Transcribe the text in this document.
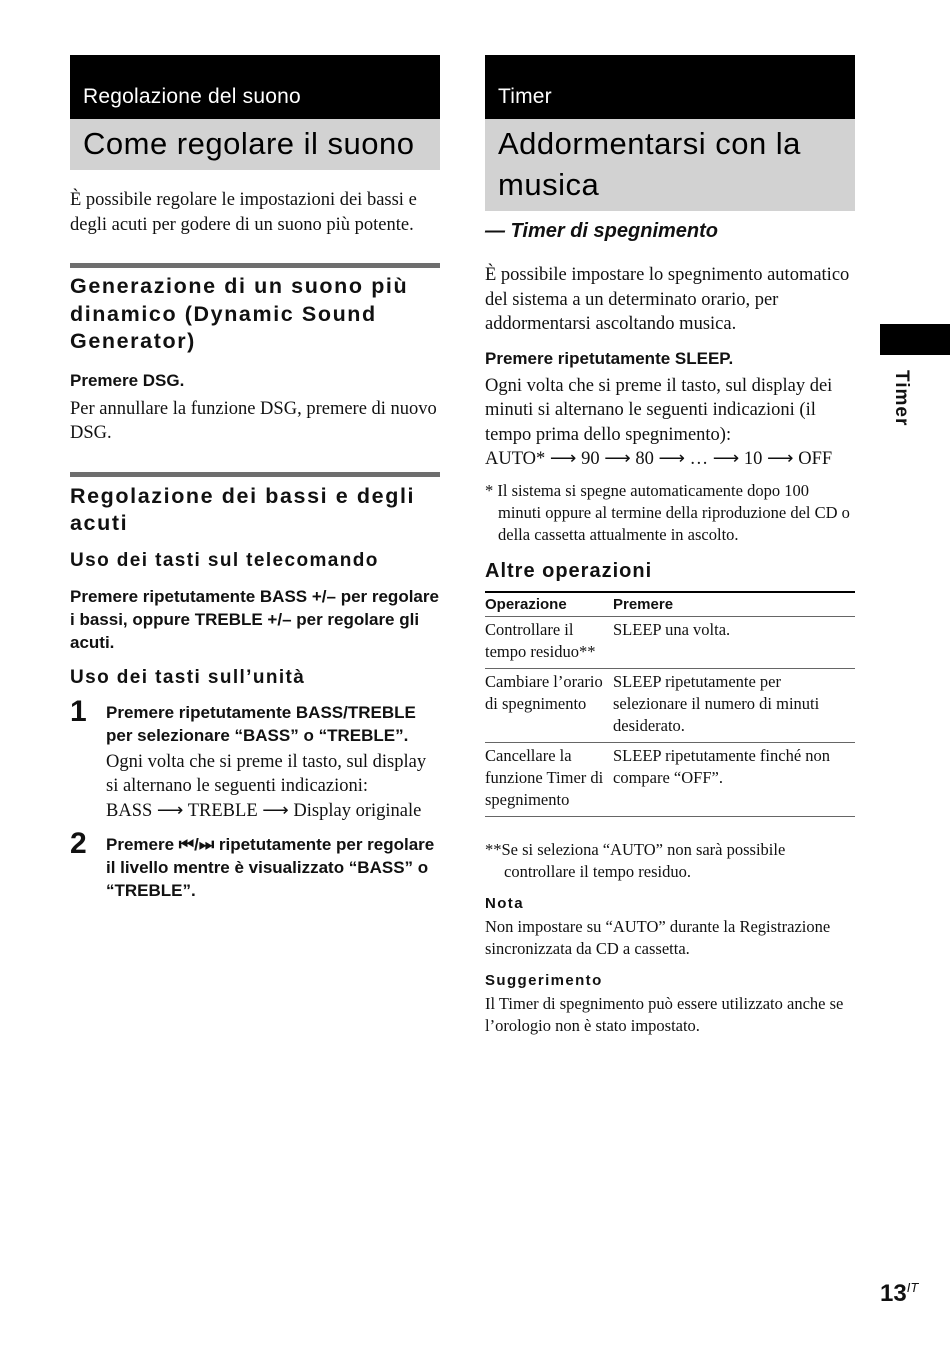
Regolazione del suono
Come regolare il suono

È possibile regolare le impostazioni dei bassi e degli acuti per godere di un suono più potente.

Generazione di un suono più dinamico (Dynamic Sound Generator)

Premere DSG.

Per annullare la funzione DSG, premere di nuovo DSG.

Regolazione dei bassi e degli acuti
Uso dei tasti sul telecomando

Premere ripetutamente BASS +/– per regolare i bassi, oppure TREBLE +/– per regolare gli acuti.

Uso dei tasti sull’unità
1 Premere ripetutamente BASS/TREBLE per selezionare “BASS” o “TREBLE”.

Ogni volta che si preme il tasto, sul display si alternano le seguenti indicazioni:

BASS ⟶ TREBLE ⟶ Display originale

2 Premere ⏮/⏭ ripetutamente per regolare il livello mentre è visualizzato “BASS” o “TREBLE”.

Timer
Addormentarsi con la musica

— Timer di spegnimento

È possibile impostare lo spegnimento automatico del sistema a un determinato orario, per addormentarsi ascoltando musica.

Premere ripetutamente SLEEP.

Ogni volta che si preme il tasto, sul display dei minuti si alternano le seguenti indicazioni (il tempo prima dello spegnimento):

AUTO* ⟶ 90 ⟶ 80 ⟶ … ⟶ 10 ⟶ OFF

* Il sistema si spegne automaticamente dopo 100 minuti oppure al termine della riproduzione del CD o della cassetta attualmente in ascolto.

Altre operazioni
Operazione	Premere
Controllare il tempo residuo**	SLEEP una volta.
Cambiare l’orario di spegnimento	SLEEP ripetutamente per selezionare il numero di minuti desiderato.
Cancellare la funzione Timer di spegnimento	SLEEP ripetutamente finché non compare “OFF”.

**Se si seleziona “AUTO” non sarà possibile controllare il tempo residuo.

Nota

Non impostare su “AUTO” durante la Registrazione sincronizzata da CD a cassetta.

Suggerimento

Il Timer di spegnimento può essere utilizzato anche se l’orologio non è stato impostato.

Timer
$13^{IT}$
